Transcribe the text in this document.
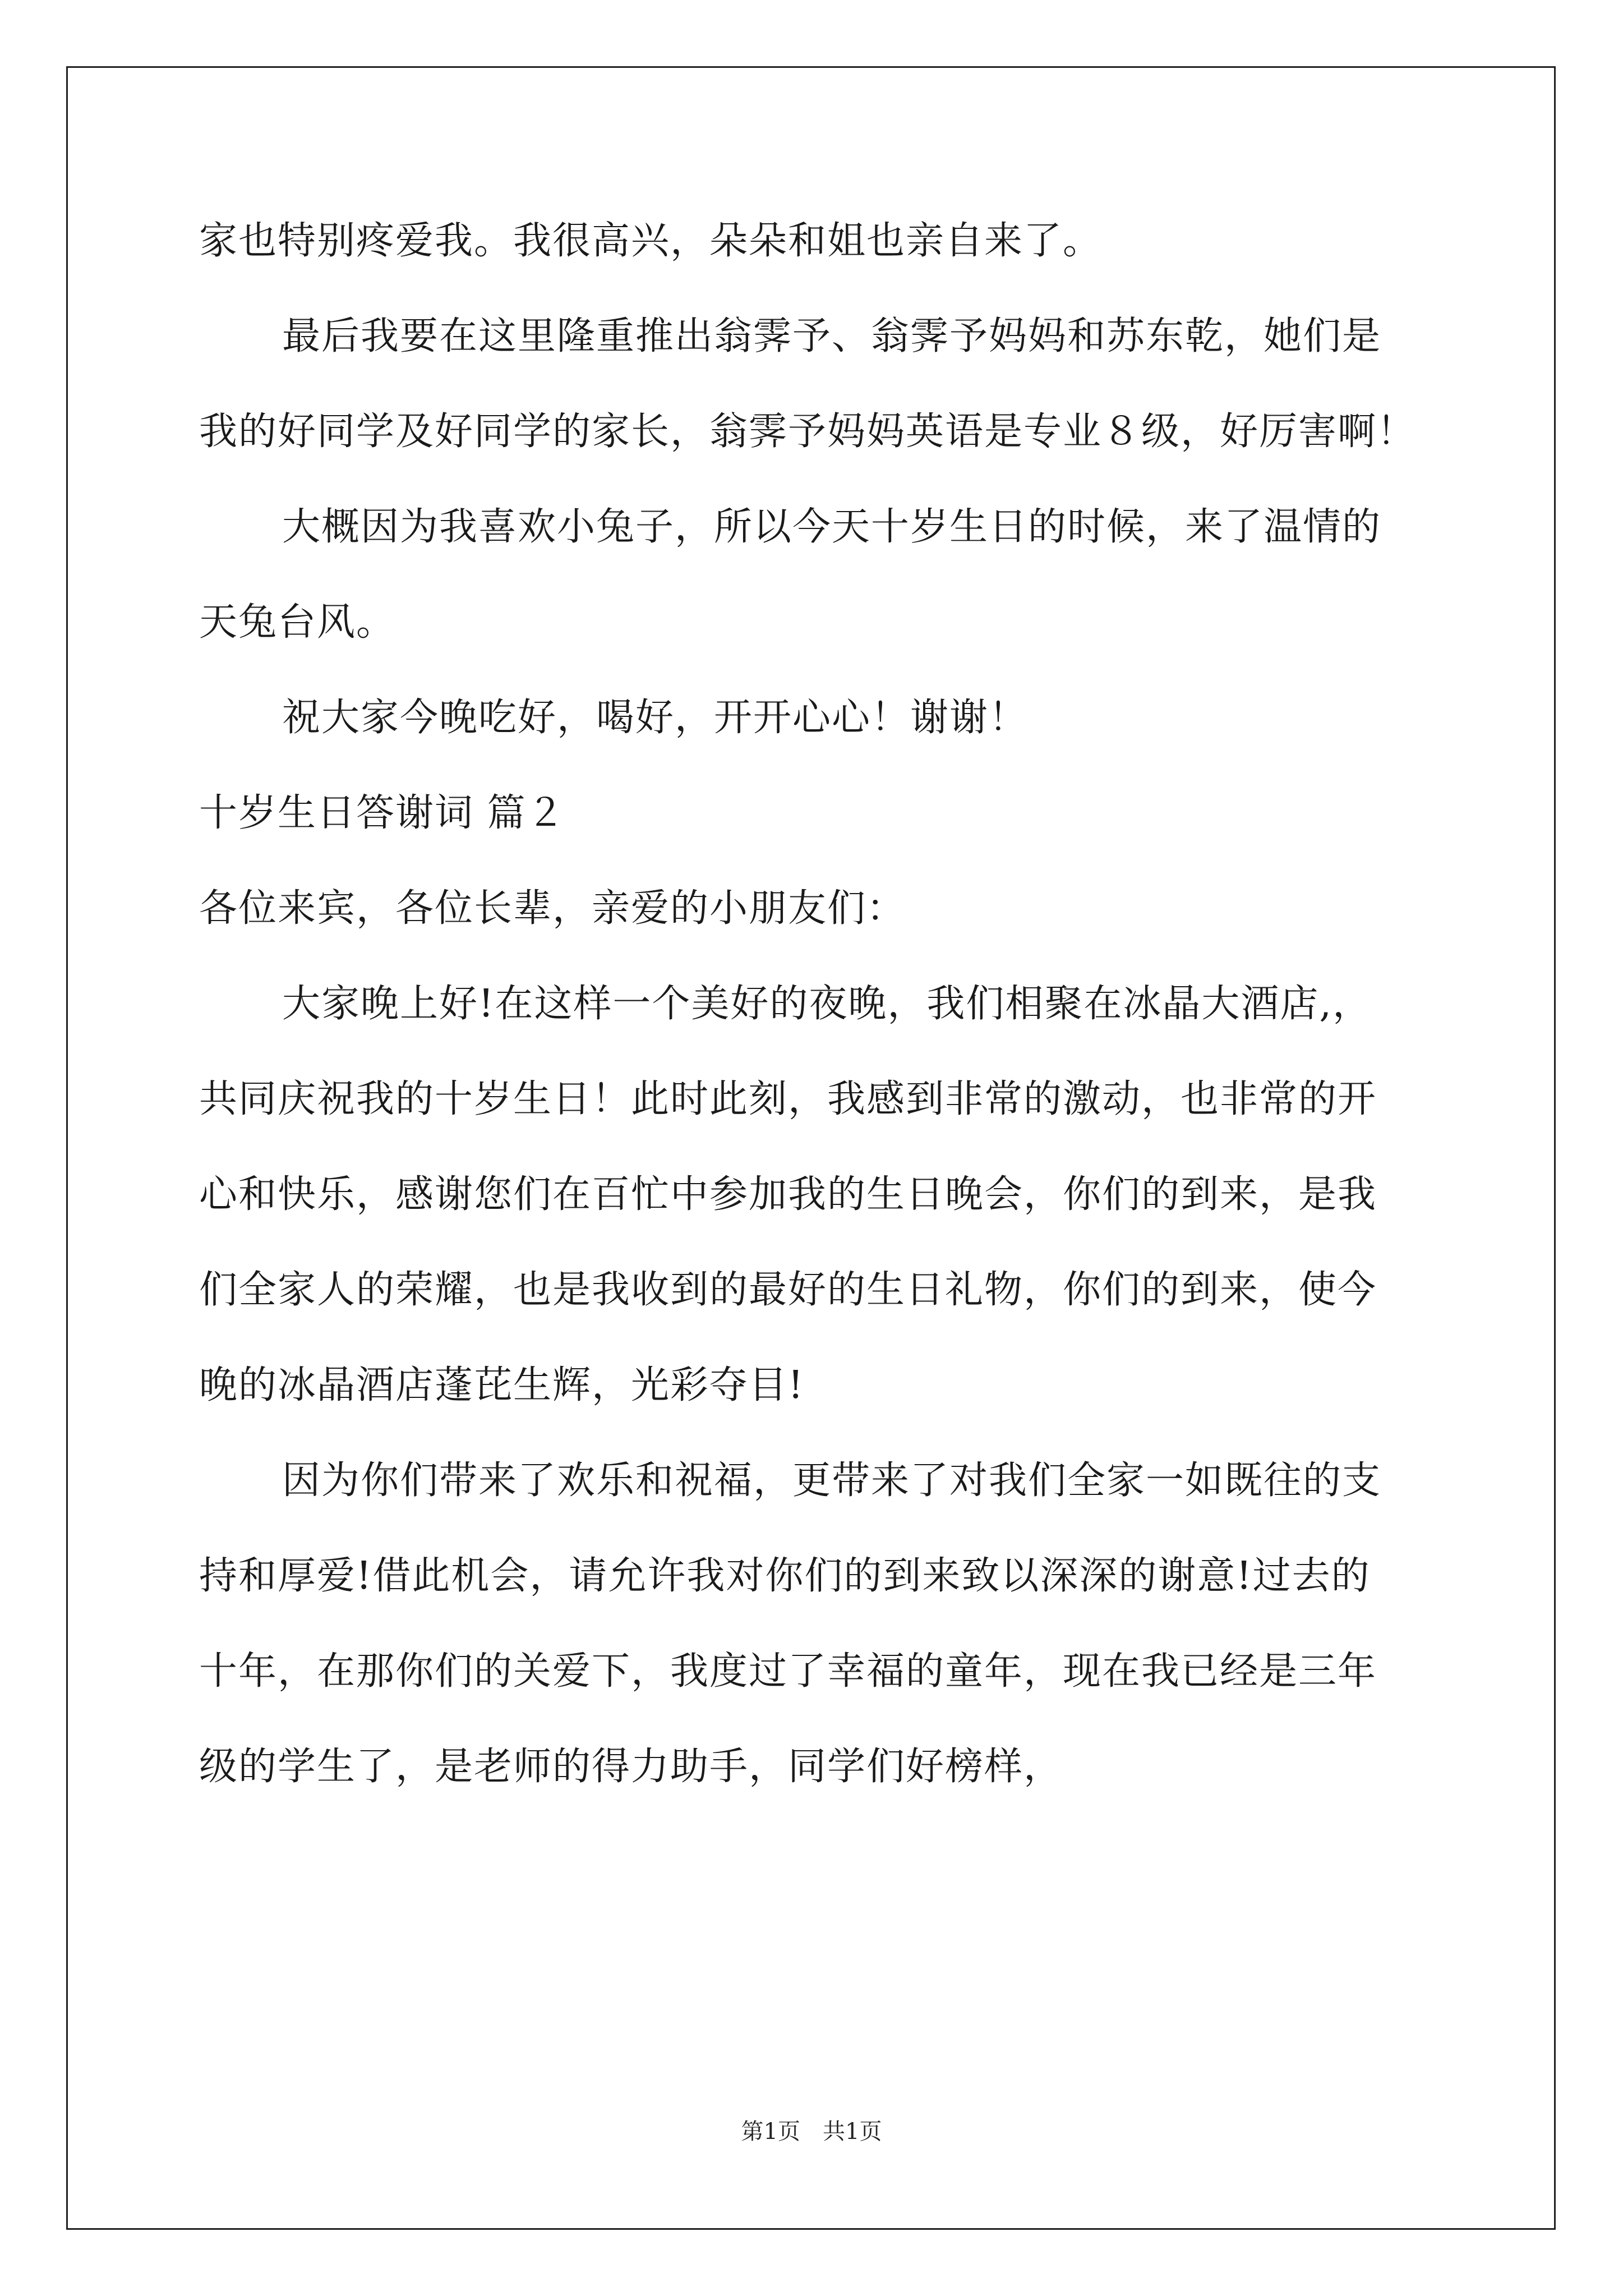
家也特别疼爱我。我很高兴，朵朵和姐也亲自来了。
最后我要在这里隆重推出翁霁予、翁霁予妈妈和苏东乾，她们是
我的好同学及好同学的家长，翁霁予妈妈英语是专业８级，好厉害啊！
大概因为我喜欢小兔子，所以今天十岁生日的时候，来了温情的
天兔台风。
祝大家今晚吃好，喝好，开开心心！谢谢！
十岁生日答谢词 篇２
各位来宾，各位长辈，亲爱的小朋友们：
大家晚上好!在这样一个美好的夜晚，我们相聚在冰晶大酒店,，
共同庆祝我的十岁生日！此时此刻，我感到非常的激动，也非常的开
心和快乐，感谢您们在百忙中参加我的生日晚会，你们的到来，是我
们全家人的荣耀，也是我收到的最好的生日礼物，你们的到来，使今
晚的冰晶酒店蓬芘生辉，光彩夺目!
因为你们带来了欢乐和祝福，更带来了对我们全家一如既往的支
持和厚爱!借此机会，请允许我对你们的到来致以深深的谢意!过去的
十年，在那你们的关爱下，我度过了幸福的童年，现在我已经是三年
级的学生了，是老师的得力助手，同学们好榜样，
第1页　共1页
